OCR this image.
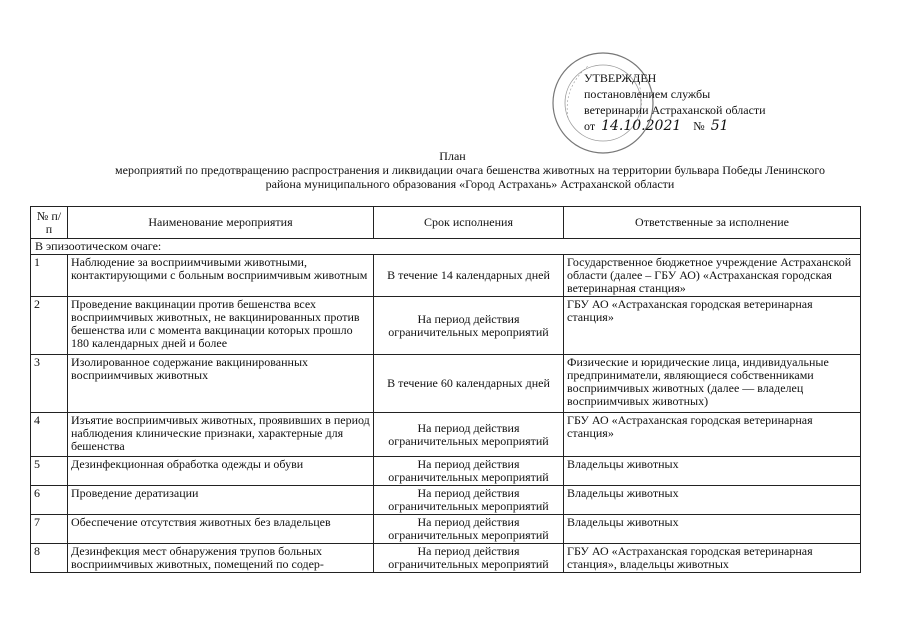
УТВЕРЖДЕН
постановлением службы
ветеринарии Астраханской области
от 14.10.2021 № 51
План
мероприятий по предотвращению распространения и ликвидации очага бешенства животных на территории бульвара Победы Ленинского
района муниципального образования «Город Астрахань» Астраханской области
№ п/п	Наименование мероприятия	Срок исполнения	Ответственные за исполнение
В эпизоотическом очаге:			
1	Наблюдение за восприимчивыми животными, контактирующими с больным восприимчивым животным	В течение 14 календарных дней	Государственное бюджетное учреждение Астраханской области (далее – ГБУ АО) «Астраханская городская ветеринарная станция»
2	Проведение вакцинации против бешенства всех восприимчивых животных, не вакцинированных против бешенства или с момента вакцинации которых прошло 180 календарных дней и более	На период действия ограничительных мероприятий	ГБУ АО «Астраханская городская ветеринарная станция»
3	Изолированное содержание вакцинированных восприимчивых животных	В течение 60 календарных дней	Физические и юридические лица, индивидуальные предприниматели, являющиеся собственниками восприимчивых животных (далее — владелец восприимчивых животных)
4	Изъятие восприимчивых животных, проявивших в период наблюдения клинические признаки, характерные для бешенства	На период действия ограничительных мероприятий	ГБУ АО «Астраханская городская ветеринарная станция»
5	Дезинфекционная обработка одежды и обуви	На период действия ограничительных мероприятий	Владельцы животных
6	Проведение дератизации	На период действия ограничительных мероприятий	Владельцы животных
7	Обеспечение отсутствия животных без владельцев	На период действия ограничительных мероприятий	Владельцы животных
8	Дезинфекция мест обнаружения трупов больных восприимчивых животных, помещений по содер-	На период действия ограничительных мероприятий	ГБУ АО «Астраханская городская ветеринарная станция», владельцы животных
